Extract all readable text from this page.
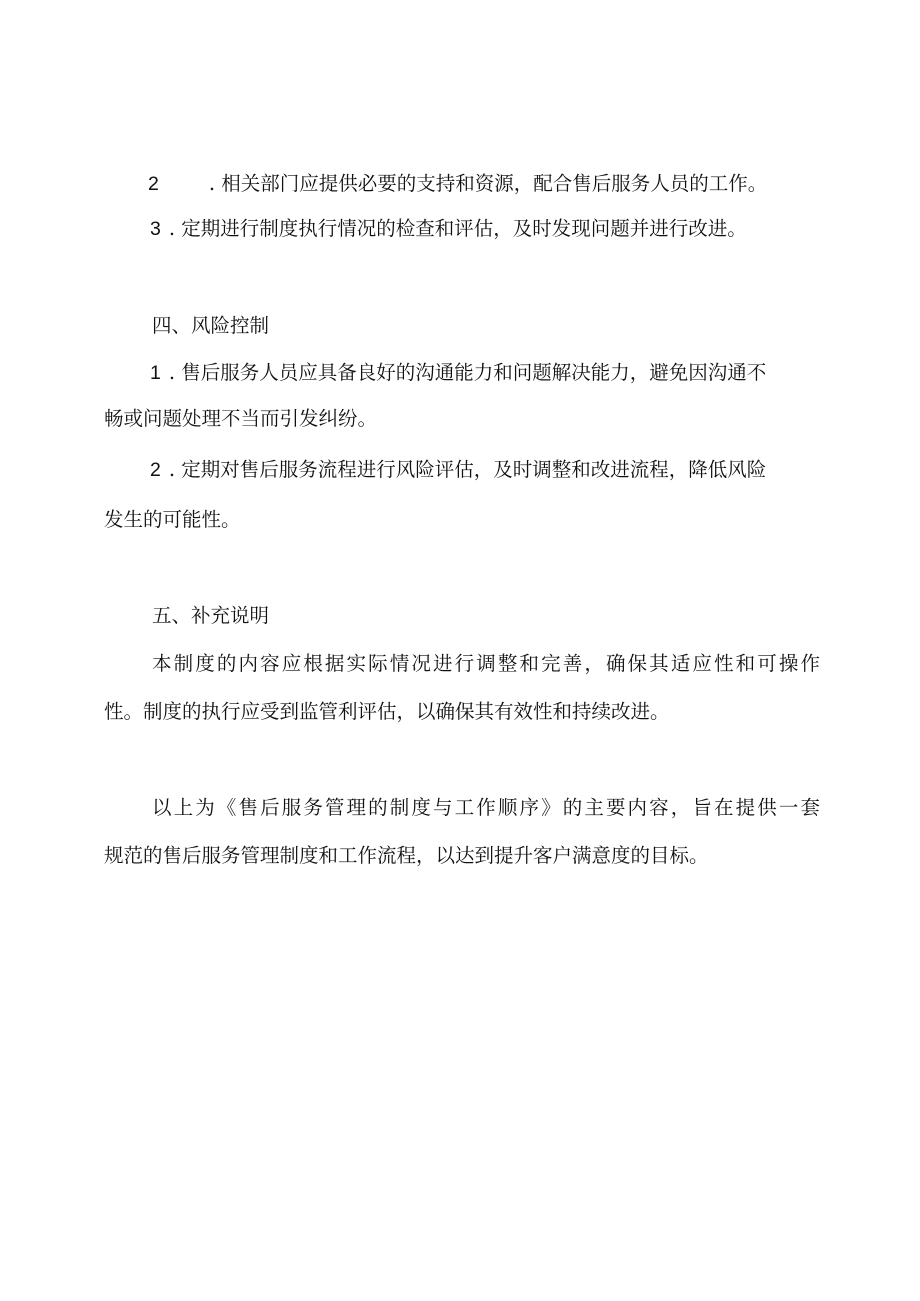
2	. 相关部门应提供必要的支持和资源，配合售后服务人员的工作。
3 . 定期进行制度执行情况的检查和评估，及时发现问题并进行改进。
四、风险控制
1 . 售后服务人员应具备良好的沟通能力和问题解决能力，避免因沟通不
畅或问题处理不当而引发纠纷。
2 . 定期对售后服务流程进行风险评估，及时调整和改进流程，降低风险
发生的可能性。
五、补充说明
本制度的内容应根据实际情况进行调整和完善，确保其适应性和可操作
性。制度的执行应受到监管利评估，以确保其有效性和持续改进。
以上为《售后服务管理的制度与工作顺序》的主要内容，旨在提供一套
规范的售后服务管理制度和工作流程，以达到提升客户满意度的目标。
